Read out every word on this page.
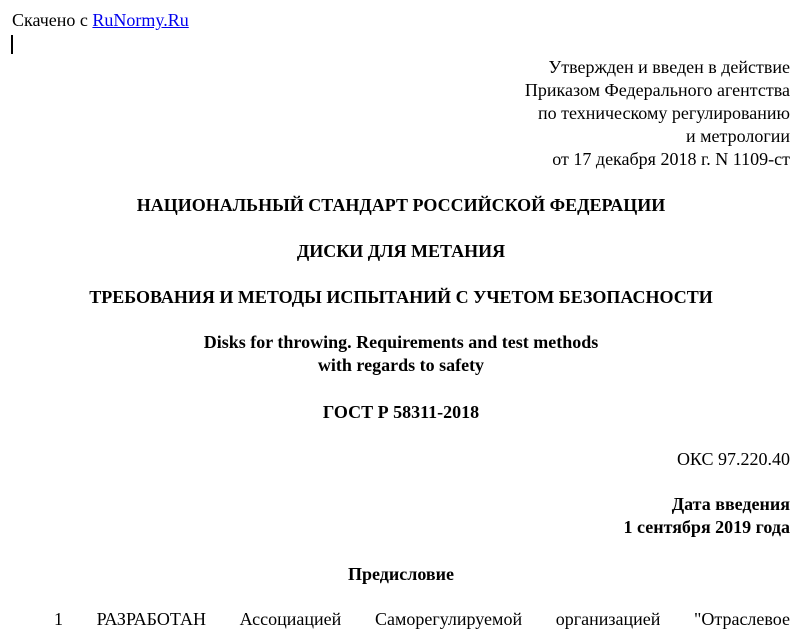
Скачено с RuNormy.Ru
Утвержден и введен в действие
Приказом Федерального агентства
по техническому регулированию
и метрологии
от 17 декабря 2018 г. N 1109-ст
НАЦИОНАЛЬНЫЙ СТАНДАРТ РОССИЙСКОЙ ФЕДЕРАЦИИ
ДИСКИ ДЛЯ МЕТАНИЯ
ТРЕБОВАНИЯ И МЕТОДЫ ИСПЫТАНИЙ С УЧЕТОМ БЕЗОПАСНОСТИ
Disks for throwing. Requirements and test methods
with regards to safety
ГОСТ Р 58311-2018
ОКС 97.220.40
Дата введения
1 сентября 2019 года
Предисловие
1 РАЗРАБОТАН Ассоциацией Саморегулируемой организацией "Отраслевое
